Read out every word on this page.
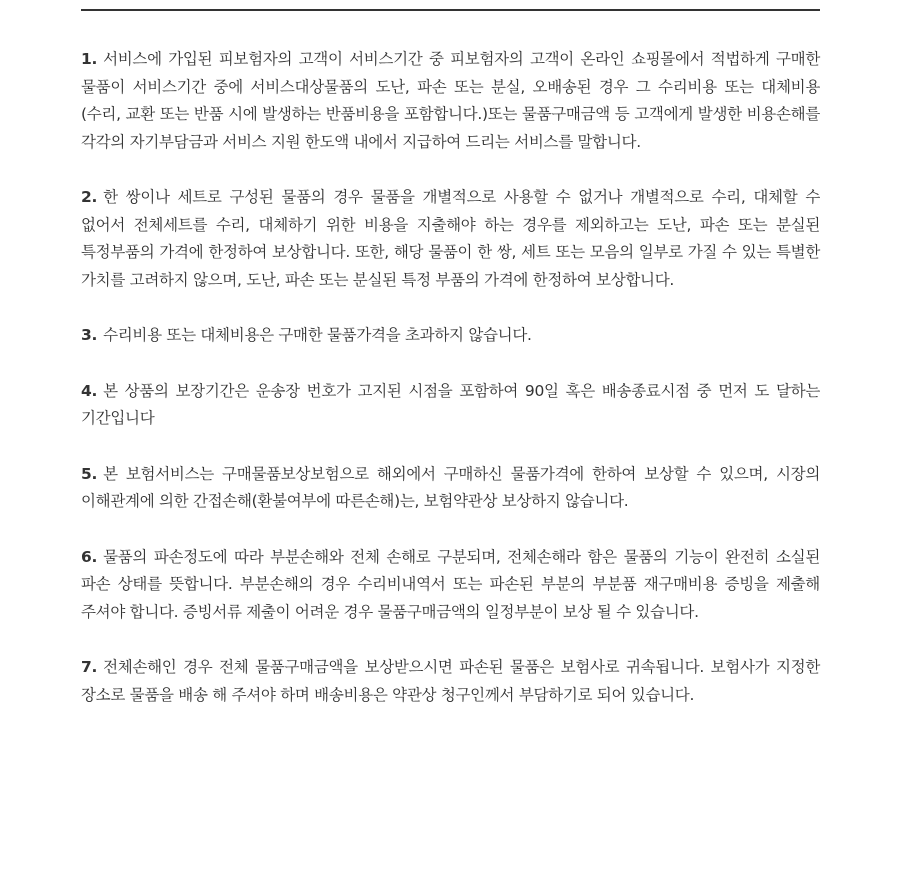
1. 서비스에 가입된 피보험자의 고객이 서비스기간 중 피보험자의 고객이 온라인 쇼핑몰에서 적법하게 구매한 물품이 서비스기간 중에 서비스대상물품의 도난, 파손 또는 분실, 오배송된 경우 그 수리비용 또는 대체비용(수리, 교환 또는 반품 시에 발생하는 반품비용을 포함합니다.)또는 물품구매금액 등 고객에게 발생한 비용손해를 각각의 자기부담금과 서비스 지원 한도액 내에서 지급하여 드리는 서비스를 말합니다.
2. 한 쌍이나 세트로 구성된 물품의 경우 물품을 개별적으로 사용할 수 없거나 개별적으로 수리, 대체할 수 없어서 전체세트를 수리, 대체하기 위한 비용을 지출해야 하는 경우를 제외하고는 도난, 파손 또는 분실된 특정부품의 가격에 한정하여 보상합니다. 또한, 해당 물품이 한 쌍, 세트 또는 모음의 일부로 가질 수 있는 특별한 가치를 고려하지 않으며, 도난, 파손 또는 분실된 특정 부품의 가격에 한정하여 보상합니다.
3. 수리비용 또는 대체비용은 구매한 물품가격을 초과하지 않습니다.
4. 본 상품의 보장기간은 운송장 번호가 고지된 시점을 포함하여 90일 혹은 배송종료시점 중 먼저 도 달하는 기간입니다
5. 본 보험서비스는 구매물품보상보험으로 해외에서 구매하신 물품가격에 한하여 보상할 수 있으며, 시장의 이해관계에 의한 간접손해(환불여부에 따른손해)는, 보험약관상 보상하지 않습니다.
6. 물품의 파손정도에 따라 부분손해와 전체 손해로 구분되며, 전체손해라 함은 물품의 기능이 완전히 소실된 파손 상태를 뜻합니다. 부분손해의 경우 수리비내역서 또는 파손된 부분의 부분품 재구매비용 증빙을 제출해 주셔야 합니다. 증빙서류 제출이 어려운 경우 물품구매금액의 일정부분이 보상 될 수 있습니다.
7. 전체손해인 경우 전체 물품구매금액을 보상받으시면 파손된 물품은 보험사로 귀속됩니다. 보험사가 지정한 장소로 물품을 배송 해 주셔야 하며 배송비용은 약관상 청구인께서 부담하기로 되어 있습니다.
